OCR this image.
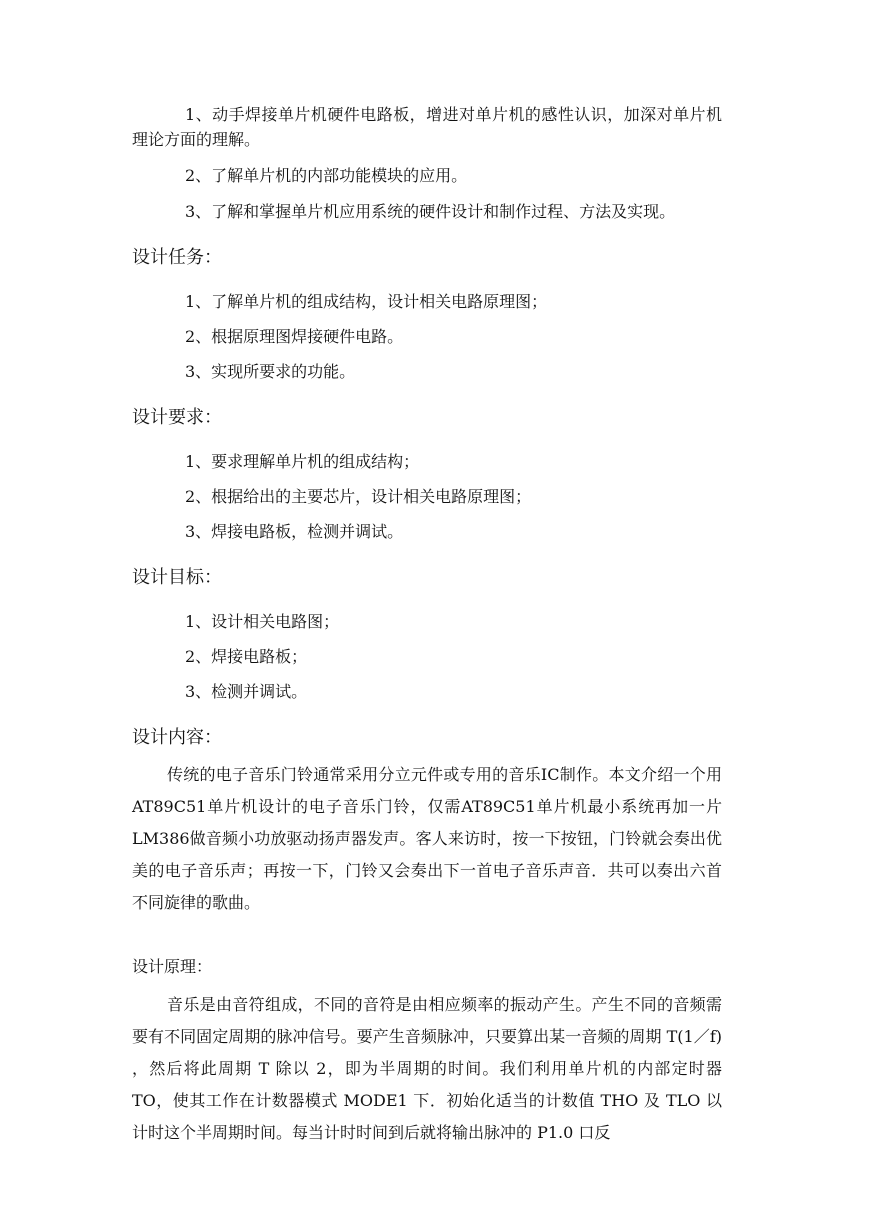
1、动手焊接单片机硬件电路板，增进对单片机的感性认识，加深对单片机理论方面的理解。

2、了解单片机的内部功能模块的应用。

3、了解和掌握单片机应用系统的硬件设计和制作过程、方法及实现。

设计任务：

1、了解单片机的组成结构，设计相关电路原理图；

2、根据原理图焊接硬件电路。

3、实现所要求的功能。

设计要求：

1、要求理解单片机的组成结构；

2、根据给出的主要芯片，设计相关电路原理图；

3、焊接电路板，检测并调试。

设计目标：

1、设计相关电路图；

2、焊接电路板；

3、检测并调试。

设计内容：

传统的电子音乐门铃通常采用分立元件或专用的音乐IC制作。本文介绍一个用AT89C51单片机设计的电子音乐门铃，仅需AT89C51单片机最小系统再加一片LM386做音频小功放驱动扬声器发声。客人来访时，按一下按钮，门铃就会奏出优美的电子音乐声；再按一下，门铃又会奏出下一首电子音乐声音．共可以奏出六首不同旋律的歌曲。

设计原理：

音乐是由音符组成，不同的音符是由相应频率的振动产生。产生不同的音频需要有不同固定周期的脉冲信号。要产生音频脉冲，只要算出某一音频的周期 T(1／f) ，然后将此周期 T 除以 2，即为半周期的时间。我们利用单片机的内部定时器 TO，使其工作在计数器模式 MODE1 下．初始化适当的计数值 THO 及 TLO 以计时这个半周期时间。每当计时时间到后就将输出脉冲的 P1.0 口反
